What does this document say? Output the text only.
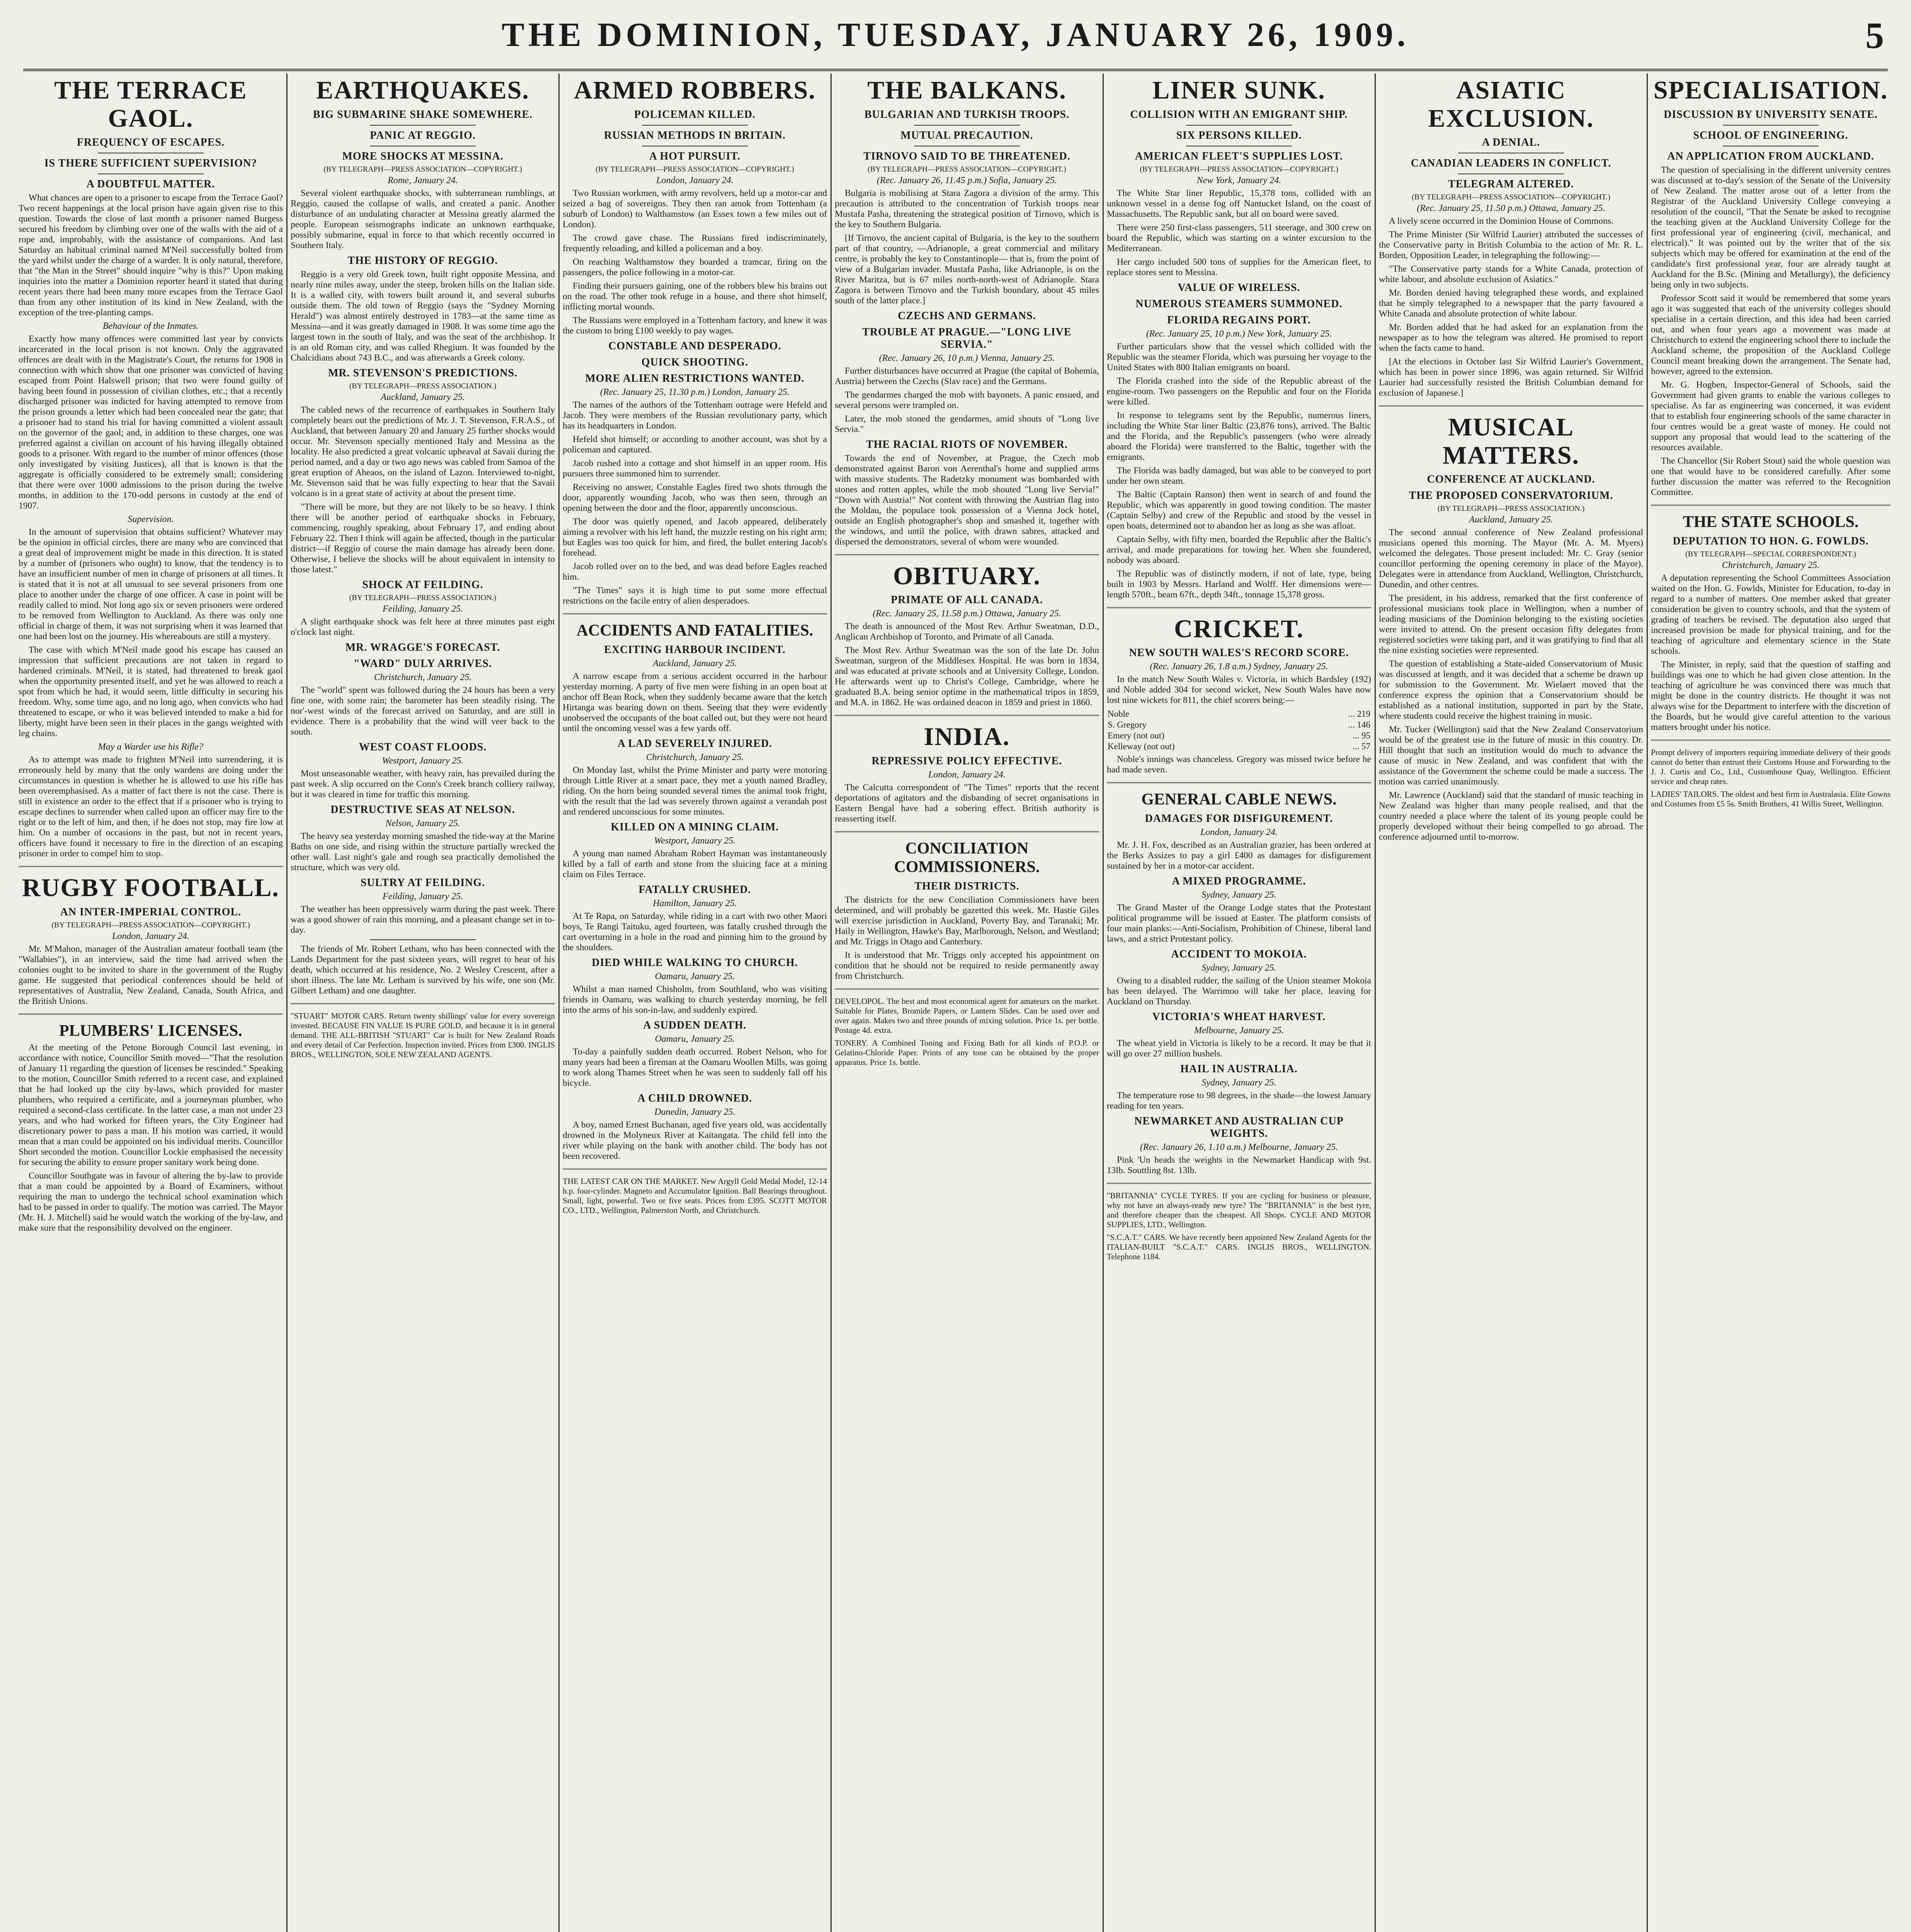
THE DOMINION, TUESDAY, JANUARY 26, 1909.	5
THE TERRACE GAOL.
FREQUENCY OF ESCAPES.
IS THERE SUFFICIENT SUPERVISION?
A DOUBTFUL MATTER.

What chances are open to a prisoner to escape from the Terrace Gaol? Two recent happenings at the local prison have again given rise to this question. Towards the close of last month a prisoner named Burgess secured his freedom by climbing over one of the walls with the aid of a rope and, improbably, with the assistance of companions. And last Saturday an habitual criminal named M'Neil successfully bolted from the yard whilst under the charge of a warder. It is only natural, therefore, that "the Man in the Street" should inquire "why is this?" Upon making inquiries into the matter a Dominion reporter heard it stated that during recent years there had been many more escapes from the Terrace Gaol than from any other institution of its kind in New Zealand, with the exception of the tree-planting camps.

Behaviour of the Inmates.

Exactly how many offences were committed last year by convicts incarcerated in the local prison is not known. Only the aggravated offences are dealt with in the Magistrate's Court, the returns for 1908 in connection with which show that one prisoner was convicted of having escaped from Point Halswell prison; that two were found guilty of having been found in possession of civilian clothes, etc.; that a recently discharged prisoner was indicted for having attempted to remove from the prison grounds a letter which had been concealed near the gate; that a prisoner had to stand his trial for having committed a violent assault on the governor of the gaol; and, in addition to these charges, one was preferred against a civilian on account of his having illegally obtained goods to a prisoner. With regard to the number of minor offences (those only investigated by visiting Justices), all that is known is that the aggregate is officially considered to be extremely small; considering that there were over 1000 admissions to the prison during the twelve months, in addition to the 170-odd persons in custody at the end of 1907.

Supervision.

In the amount of supervision that obtains sufficient? Whatever may be the opinion in official circles, there are many who are convinced that a great deal of improvement might be made in this direction. It is stated by a number of (prisoners who ought) to know, that the tendency is to have an insufficient number of men in charge of prisoners at all times. It is stated that it is not at all unusual to see several prisoners from one place to another under the charge of one officer. A case in point will be readily called to mind. Not long ago six or seven prisoners were ordered to be removed from Wellington to Auckland. As there was only one official in charge of them, it was not surprising when it was learned that one had been lost on the journey. His whereabouts are still a mystery.

The case with which M'Neil made good his escape has caused an impression that sufficient precautions are not taken in regard to hardened criminals. M'Neil, it is stated, had threatened to break gaol when the opportunity presented itself, and yet he was allowed to reach a spot from which he had, it would seem, little difficulty in securing his freedom. Why, some time ago, and no long ago, when convicts who had threatened to escape, or who it was believed intended to make a bid for liberty, might have been seen in their places in the gangs weighted with leg chains.

May a Warder use his Rifle?

As to attempt was made to frighten M'Neil into surrendering, it is erroneously held by many that the only wardens are doing under the circumstances in question is whether he is allowed to use his rifle has been overemphasised. As a matter of fact there is not the case. There is still in existence an order to the effect that if a prisoner who is trying to escape declines to surrender when called upon an officer may fire to the right or to the left of him, and then, if he does not stop, may fire low at him. On a number of occasions in the past, but not in recent years, officers have found it necessary to fire in the direction of an escaping prisoner in order to compel him to stop.

RUGBY FOOTBALL.
AN INTER-IMPERIAL CONTROL.
(BY TELEGRAPH—PRESS ASSOCIATION—COPYRIGHT.)
London, January 24.

Mr. M'Mahon, manager of the Australian amateur football team (the "Wallabies"), in an interview, said the time had arrived when the colonies ought to be invited to share in the government of the Rugby game. He suggested that periodical conferences should be held of representatives of Australia, New Zealand, Canada, South Africa, and the British Unions.

PLUMBERS' LICENSES.

At the meeting of the Petone Borough Council last evening, in accordance with notice, Councillor Smith moved—"That the resolution of January 11 regarding the question of licenses be rescinded." Speaking to the motion, Councillor Smith referred to a recent case, and explained that he had looked up the city by-laws, which provided for master plumbers, who required a certificate, and a journeyman plumber, who required a second-class certificate. In the latter case, a man not under 23 years, and who had worked for fifteen years, the City Engineer had discretionary power to pass a man. If his motion was carried, it would mean that a man could be appointed on his individual merits. Councillor Short seconded the motion. Councillor Lockie emphasised the necessity for securing the ability to ensure proper sanitary work being done.

Councillor Southgate was in favour of altering the by-law to provide that a man could be appointed by a Board of Examiners, without requiring the man to undergo the technical school examination which had to be passed in order to qualify. The motion was carried. The Mayor (Mr. H. J. Mitchell) said he would watch the working of the by-law, and make sure that the responsibility devolved on the engineer.

EARTHQUAKES.
BIG SUBMARINE SHAKE SOMEWHERE.
PANIC AT REGGIO.
MORE SHOCKS AT MESSINA.
(BY TELEGRAPH—PRESS ASSOCIATION—COPYRIGHT.)
Rome, January 24.

Several violent earthquake shocks, with subterranean rumblings, at Reggio, caused the collapse of walls, and created a panic. Another disturbance of an undulating character at Messina greatly alarmed the people. European seismographs indicate an unknown earthquake, possibly submarine, equal in force to that which recently occurred in Southern Italy.

THE HISTORY OF REGGIO.

Reggio is a very old Greek town, built right opposite Messina, and nearly nine miles away, under the steep, broken hills on the Italian side. It is a walled city, with towers built around it, and several suburbs outside them. The old town of Reggio (says the "Sydney Morning Herald") was almost entirely destroyed in 1783—at the same time as Messina—and it was greatly damaged in 1908. It was some time ago the largest town in the south of Italy, and was the seat of the archbishop. It is an old Roman city, and was called Rhegium. It was founded by the Chalcidians about 743 B.C., and was afterwards a Greek colony.

MR. STEVENSON'S PREDICTIONS.
(BY TELEGRAPH—PRESS ASSOCIATION.)
Auckland, January 25.

The cabled news of the recurrence of earthquakes in Southern Italy completely bears out the predictions of Mr. J. T. Stevenson, F.R.A.S., of Auckland, that between January 20 and January 25 further shocks would occur. Mr. Stevenson specially mentioned Italy and Messina as the locality. He also predicted a great volcanic upheaval at Savaii during the period named, and a day or two ago news was cabled from Samoa of the great eruption of Aheaos, on the island of Lazon. Interviewed to-night, Mr. Stevenson said that he was fully expecting to hear that the Savaii volcano is in a great state of activity at about the present time.

"There will be more, but they are not likely to be so heavy. I think there will be another period of earthquake shocks in February, commencing, roughly speaking, about February 17, and ending about February 22. Then I think will again be affected, though in the particular district—if Reggio of course the main damage has already been done. Otherwise, I believe the shocks will be about equivalent in intensity to those latest."

SHOCK AT FEILDING.
(BY TELEGRAPH—PRESS ASSOCIATION.)
Feilding, January 25.

A slight earthquake shock was felt here at three minutes past eight o'clock last night.

MR. WRAGGE'S FORECAST.
"WARD" DULY ARRIVES.
Christchurch, January 25.

The "world" spent was followed during the 24 hours has been a very fine one, with some rain; the barometer has been steadily rising. The nor'-west winds of the forecast arrived on Saturday, and are still in evidence. There is a probability that the wind will veer back to the south.

WEST COAST FLOODS.
Westport, January 25.

Most unseasonable weather, with heavy rain, has prevailed during the past week. A slip occurred on the Conn's Creek branch colliery railway, but it was cleared in time for traffic this morning.

DESTRUCTIVE SEAS AT NELSON.
Nelson, January 25.

The heavy sea yesterday morning smashed the tide-way at the Marine Baths on one side, and rising within the structure partially wrecked the other wall. Last night's gale and rough sea practically demolished the structure, which was very old.

SULTRY AT FEILDING.
Feilding, January 25.

The weather has been oppressively warm during the past week. There was a good shower of rain this morning, and a pleasant change set in to-day.

The friends of Mr. Robert Letham, who has been connected with the Lands Department for the past sixteen years, will regret to hear of his death, which occurred at his residence, No. 2 Wesley Crescent, after a short illness. The late Mr. Letham is survived by his wife, one son (Mr. Gilbert Letham) and one daughter.

"STUART" MOTOR CARS. Return twenty shillings' value for every sovereign invested. BECAUSE FIN VALUE IS PURE GOLD, and because it is in general demand. THE ALL-BRITISH "STUART" Car is built for New Zealand Roads and every detail of Car Perfection. Inspection invited. Prices from £300. INGLIS BROS., WELLINGTON, SOLE NEW ZEALAND AGENTS.

ARMED ROBBERS.
POLICEMAN KILLED.
RUSSIAN METHODS IN BRITAIN.
A HOT PURSUIT.
(BY TELEGRAPH—PRESS ASSOCIATION—COPYRIGHT.)
London, January 24.

Two Russian workmen, with army revolvers, held up a motor-car and seized a bag of sovereigns. They then ran amok from Tottenham (a suburb of London) to Walthamstow (an Essex town a few miles out of London).

The crowd gave chase. The Russians fired indiscriminately, frequently reloading, and killed a policeman and a boy.

On reaching Walthamstow they boarded a tramcar, firing on the passengers, the police following in a motor-car.

Finding their pursuers gaining, one of the robbers blew his brains out on the road. The other took refuge in a house, and there shot himself, inflicting mortal wounds.

The Russians were employed in a Tottenham factory, and knew it was the custom to bring £100 weekly to pay wages.

CONSTABLE AND DESPERADO.
QUICK SHOOTING.
MORE ALIEN RESTRICTIONS WANTED.
(Rec. January 25, 11.30 p.m.) London, January 25.

The names of the authors of the Tottenham outrage were Hefeld and Jacob. They were members of the Russian revolutionary party, which has its headquarters in London.

Hefeld shot himself; or according to another account, was shot by a policeman and captured.

Jacob rushed into a cottage and shot himself in an upper room. His pursuers three summoned him to surrender.

Receiving no answer, Constable Eagles fired two shots through the door, apparently wounding Jacob, who was then seen, through an opening between the door and the floor, apparently unconscious.

The door was quietly opened, and Jacob appeared, deliberately aiming a revolver with his left hand, the muzzle resting on his right arm; but Eagles was too quick for him, and fired, the bullet entering Jacob's forehead.

Jacob rolled over on to the bed, and was dead before Eagles reached him.

"The Times" says it is high time to put some more effectual restrictions on the facile entry of alien desperadoes.

ACCIDENTS AND FATALITIES.
EXCITING HARBOUR INCIDENT.
Auckland, January 25.

A narrow escape from a serious accident occurred in the harbour yesterday morning. A party of five men were fishing in an open boat at anchor off Bean Rock, when they suddenly became aware that the ketch Hirtanga was bearing down on them. Seeing that they were evidently unobserved the occupants of the boat called out, but they were not heard until the oncoming vessel was a few yards off.

A LAD SEVERELY INJURED.
Christchurch, January 25.

On Monday last, whilst the Prime Minister and party were motoring through Little River at a smart pace, they met a youth named Bradley, riding. On the horn being sounded several times the animal took fright, with the result that the lad was severely thrown against a verandah post and rendered unconscious for some minutes.

KILLED ON A MINING CLAIM.
Westport, January 25.

A young man named Abraham Robert Hayman was instantaneously killed by a fall of earth and stone from the sluicing face at a mining claim on Files Terrace.

FATALLY CRUSHED.
Hamilton, January 25.

At Te Rapa, on Saturday, while riding in a cart with two other Maori boys, Te Rangi Taituku, aged fourteen, was fatally crushed through the cart overturning in a hole in the road and pinning him to the ground by the shoulders.

DIED WHILE WALKING TO CHURCH.
Oamaru, January 25.

Whilst a man named Chisholm, from Southland, who was visiting friends in Oamaru, was walking to church yesterday morning, he fell into the arms of his son-in-law, and suddenly expired.

A SUDDEN DEATH.
Oamaru, January 25.

To-day a painfully sudden death occurred. Robert Nelson, who for many years had been a fireman at the Oamaru Woollen Mills, was going to work along Thames Street when he was seen to suddenly fall off his bicycle.

A CHILD DROWNED.
Dunedin, January 25.

A boy, named Ernest Buchanan, aged five years old, was accidentally drowned in the Molyneux River at Kaitangata. The child fell into the river while playing on the bank with another child. The body has not been recovered.

THE LATEST CAR ON THE MARKET. New Argyll Gold Medal Model, 12-14 h.p. four-cylinder. Magneto and Accumulator Ignition. Ball Bearings throughout. Small, light, powerful. Two or five seats. Prices from £395. SCOTT MOTOR CO., LTD., Wellington, Palmerston North, and Christchurch.

THE BALKANS.
BULGARIAN AND TURKISH TROOPS.
MUTUAL PRECAUTION.
TIRNOVO SAID TO BE THREATENED.
(BY TELEGRAPH—PRESS ASSOCIATION—COPYRIGHT.)
(Rec. January 26, 11.45 p.m.) Sofia, January 25.

Bulgaria is mobilising at Stara Zagora a division of the army. This precaution is attributed to the concentration of Turkish troops near Mustafa Pasha, threatening the strategical position of Tirnovo, which is the key to Southern Bulgaria.

[If Tirnovo, the ancient capital of Bulgaria, is the key to the southern part of that country, —Adrianople, a great commercial and military centre, is probably the key to Constantinople— that is, from the point of view of a Bulgarian invader. Mustafa Pasha, like Adrianople, is on the River Maritza, but is 67 miles north-north-west of Adrianople. Stara Zagora is between Tirnovo and the Turkish boundary, about 45 miles south of the latter place.]

CZECHS AND GERMANS.
TROUBLE AT PRAGUE.—"LONG LIVE SERVIA."
(Rec. January 26, 10 p.m.) Vienna, January 25.

Further disturbances have occurred at Prague (the capital of Bohemia, Austria) between the Czechs (Slav race) and the Germans.

The gendarmes charged the mob with bayonets. A panic ensued, and several persons were trampled on.

Later, the mob stoned the gendarmes, amid shouts of "Long live Servia."

THE RACIAL RIOTS OF NOVEMBER.

Towards the end of November, at Prague, the Czech mob demonstrated against Baron von Aerenthal's home and supplied arms with massive students. The Radetzky monument was bombarded with stones and rotten apples, while the mob shouted "Long live Servia!" "Down with Austria!" Not content with throwing the Austrian flag into the Moldau, the populace took possession of a Vienna Jock hotel, outside an English photographer's shop and smashed it, together with the windows, and until the police, with drawn sabres, attacked and dispersed the demonstrators, several of whom were wounded.

OBITUARY.
PRIMATE OF ALL CANADA.
(Rec. January 25, 11.58 p.m.) Ottawa, January 25.

The death is announced of the Most Rev. Arthur Sweatman, D.D., Anglican Archbishop of Toronto, and Primate of all Canada.

The Most Rev. Arthur Sweatman was the son of the late Dr. John Sweatman, surgeon of the Middlesex Hospital. He was born in 1834, and was educated at private schools and at University College, London. He afterwards went up to Christ's College, Cambridge, where he graduated B.A. being senior optime in the mathematical tripos in 1859, and M.A. in 1862. He was ordained deacon in 1859 and priest in 1860.

INDIA.
REPRESSIVE POLICY EFFECTIVE.
London, January 24.

The Calcutta correspondent of "The Times" reports that the recent deportations of agitators and the disbanding of secret organisations in Eastern Bengal have had a sobering effect. British authority is reasserting itself.

CONCILIATION COMMISSIONERS.
THEIR DISTRICTS.

The districts for the new Conciliation Commissioners have been determined, and will probably be gazetted this week. Mr. Hastie Giles will exercise jurisdiction in Auckland, Poverty Bay, and Taranaki; Mr. Haily in Wellington, Hawke's Bay, Marlborough, Nelson, and Westland; and Mr. Triggs in Otago and Canterbury.

It is understood that Mr. Triggs only accepted his appointment on condition that he should not be required to reside permanently away from Christchurch.

DEVELOPOL. The best and most economical agent for amateurs on the market. Suitable for Plates, Bromide Papers, or Lantern Slides. Can be used over and over again. Makes two and three pounds of mixing solution. Price 1s. per bottle. Postage 4d. extra.

TONERY. A Combined Toning and Fixing Bath for all kinds of P.O.P. or Gelatino-Chloride Paper. Prints of any tone can be obtained by the proper apparatus. Price 1s. bottle.

LINER SUNK.
COLLISION WITH AN EMIGRANT SHIP.
SIX PERSONS KILLED.
AMERICAN FLEET'S SUPPLIES LOST.
(BY TELEGRAPH—PRESS ASSOCIATION—COPYRIGHT.)
New York, January 24.

The White Star liner Republic, 15,378 tons, collided with an unknown vessel in a dense fog off Nantucket Island, on the coast of Massachusetts. The Republic sank, but all on board were saved.

There were 250 first-class passengers, 511 steerage, and 300 crew on board the Republic, which was starting on a winter excursion to the Mediterranean.

Her cargo included 500 tons of supplies for the American fleet, to replace stores sent to Messina.

VALUE OF WIRELESS.
NUMEROUS STEAMERS SUMMONED.
FLORIDA REGAINS PORT.
(Rec. January 25, 10 p.m.) New York, January 25.

Further particulars show that the vessel which collided with the Republic was the steamer Florida, which was pursuing her voyage to the United States with 800 Italian emigrants on board.

The Florida crashed into the side of the Republic abreast of the engine-room. Two passengers on the Republic and four on the Florida were killed.

In response to telegrams sent by the Republic, numerous liners, including the White Star liner Baltic (23,876 tons), arrived. The Baltic and the Florida, and the Republic's passengers (who were already aboard the Florida) were transferred to the Baltic, together with the emigrants.

The Florida was badly damaged, but was able to be conveyed to port under her own steam.

The Baltic (Captain Ranson) then went in search of and found the Republic, which was apparently in good towing condition. The master (Captain Selby) and crew of the Republic and stood by the vessel in open boats, determined not to abandon her as long as she was afloat.

Captain Selby, with fifty men, boarded the Republic after the Baltic's arrival, and made preparations for towing her. When she foundered, nobody was aboard.

The Republic was of distinctly modern, if not of late, type, being built in 1903 by Messrs. Harland and Wolff. Her dimensions were—length 570ft., beam 67ft., depth 34ft., tonnage 15,378 gross.

CRICKET.
NEW SOUTH WALES'S RECORD SCORE.
(Rec. January 26, 1.8 a.m.) Sydney, January 25.

In the match New South Wales v. Victoria, in which Bardsley (192) and Noble added 304 for second wicket, New South Wales have now lost nine wickets for 811, the chief scorers being:—

Noble	... 219
S. Gregory	... 146
Emery (not out)	... 95
Kelleway (not out)	... 57

Noble's innings was chanceless. Gregory was missed twice before he had made seven.

GENERAL CABLE NEWS.
DAMAGES FOR DISFIGUREMENT.
London, January 24.

Mr. J. H. Fox, described as an Australian grazier, has been ordered at the Berks Assizes to pay a girl £400 as damages for disfigurement sustained by her in a motor-car accident.

A MIXED PROGRAMME.
Sydney, January 25.

The Grand Master of the Orange Lodge states that the Protestant political programme will be issued at Easter. The platform consists of four main planks:—Anti-Socialism, Prohibition of Chinese, liberal land laws, and a strict Protestant policy.

ACCIDENT TO MOKOIA.
Sydney, January 25.

Owing to a disabled rudder, the sailing of the Union steamer Mokoia has been delayed. The Warrimoo will take her place, leaving for Auckland on Thursday.

VICTORIA'S WHEAT HARVEST.
Melbourne, January 25.

The wheat yield in Victoria is likely to be a record. It may be that it will go over 27 million bushels.

HAIL IN AUSTRALIA.
Sydney, January 25.

The temperature rose to 98 degrees, in the shade—the lowest January reading for ten years.

NEWMARKET AND AUSTRALIAN CUP WEIGHTS.
(Rec. January 26, 1.10 a.m.) Melbourne, January 25.

Pink 'Un heads the weights in the Newmarket Handicap with 9st. 13lb. Souttling 8st. 13lb.

"BRITANNIA" CYCLE TYRES. If you are cycling for business or pleasure, why not have an always-ready new tyre? The "BRITANNIA" is the best tyre, and therefore cheaper than the cheapest. All Shops. CYCLE AND MOTOR SUPPLIES, LTD., Wellington.

"S.C.A.T." CARS. We have recently been appointed New Zealand Agents for the ITALIAN-BUILT "S.C.A.T." CARS. INGLIS BROS., WELLINGTON. Telephone 1184.

ASIATIC EXCLUSION.
A DENIAL.
CANADIAN LEADERS IN CONFLICT.
TELEGRAM ALTERED.
(BY TELEGRAPH—PRESS ASSOCIATION—COPYRIGHT.)
(Rec. January 25, 11.50 p.m.) Ottawa, January 25.

A lively scene occurred in the Dominion House of Commons.

The Prime Minister (Sir Wilfrid Laurier) attributed the successes of the Conservative party in British Columbia to the action of Mr. R. L. Borden, Opposition Leader, in telegraphing the following:—

"The Conservative party stands for a White Canada, protection of white labour, and absolute exclusion of Asiatics."

Mr. Borden denied having telegraphed these words, and explained that he simply telegraphed to a newspaper that the party favoured a White Canada and absolute protection of white labour.

Mr. Borden added that he had asked for an explanation from the newspaper as to how the telegram was altered. He promised to report when the facts came to hand.

[At the elections in October last Sir Wilfrid Laurier's Government, which has been in power since 1896, was again returned. Sir Wilfrid Laurier had successfully resisted the British Columbian demand for exclusion of Japanese.]

MUSICAL MATTERS.
CONFERENCE AT AUCKLAND.
THE PROPOSED CONSERVATORIUM.
(BY TELEGRAPH—PRESS ASSOCIATION.)
Auckland, January 25.

The second annual conference of New Zealand professional musicians opened this morning. The Mayor (Mr. A. M. Myers) welcomed the delegates. Those present included: Mr. C. Gray (senior councillor performing the opening ceremony in place of the Mayor). Delegates were in attendance from Auckland, Wellington, Christchurch, Dunedin, and other centres.

The president, in his address, remarked that the first conference of professional musicians took place in Wellington, when a number of leading musicians of the Dominion belonging to the existing societies were invited to attend. On the present occasion fifty delegates from registered societies were taking part, and it was gratifying to find that all the nine existing societies were represented.

The question of establishing a State-aided Conservatorium of Music was discussed at length, and it was decided that a scheme be drawn up for submission to the Government. Mr. Wielaert moved that the conference express the opinion that a Conservatorium should be established as a national institution, supported in part by the State, where students could receive the highest training in music.

Mr. Tucker (Wellington) said that the New Zealand Conservatorium would be of the greatest use in the future of music in this country. Dr. Hill thought that such an institution would do much to advance the cause of music in New Zealand, and was confident that with the assistance of the Government the scheme could be made a success. The motion was carried unanimously.

Mr. Lawrence (Auckland) said that the standard of music teaching in New Zealand was higher than many people realised, and that the country needed a place where the talent of its young people could be properly developed without their being compelled to go abroad. The conference adjourned until to-morrow.

SPECIALISATION.
DISCUSSION BY UNIVERSITY SENATE.
SCHOOL OF ENGINEERING.
AN APPLICATION FROM AUCKLAND.

The question of specialising in the different university centres was discussed at to-day's session of the Senate of the University of New Zealand. The matter arose out of a letter from the Registrar of the Auckland University College conveying a resolution of the council, "That the Senate be asked to recognise the teaching given at the Auckland University College for the first professional year of engineering (civil, mechanical, and electrical)." It was pointed out by the writer that of the six subjects which may be offered for examination at the end of the candidate's first professional year, four are already taught at Auckland for the B.Sc. (Mining and Metallurgy), the deficiency being only in two subjects.

Professor Scott said it would be remembered that some years ago it was suggested that each of the university colleges should specialise in a certain direction, and this idea had been carried out, and when four years ago a movement was made at Christchurch to extend the engineering school there to include the Auckland scheme, the proposition of the Auckland College Council meant breaking down the arrangement. The Senate had, however, agreed to the extension.

Mr. G. Hogben, Inspector-General of Schools, said the Government had given grants to enable the various colleges to specialise. As far as engineering was concerned, it was evident that to establish four engineering schools of the same character in four centres would be a great waste of money. He could not support any proposal that would lead to the scattering of the resources available.

The Chancellor (Sir Robert Stout) said the whole question was one that would have to be considered carefully. After some further discussion the matter was referred to the Recognition Committee.

THE STATE SCHOOLS.
DEPUTATION TO HON. G. FOWLDS.
(BY TELEGRAPH—SPECIAL CORRESPONDENT.)
Christchurch, January 25.

A deputation representing the School Committees Association waited on the Hon. G. Fowlds, Minister for Education, to-day in regard to a number of matters. One member asked that greater consideration be given to country schools, and that the system of grading of teachers be revised. The deputation also urged that increased provision be made for physical training, and for the teaching of agriculture and elementary science in the State schools.

The Minister, in reply, said that the question of staffing and buildings was one to which he had given close attention. In the teaching of agriculture he was convinced there was much that might be done in the country districts. He thought it was not always wise for the Department to interfere with the discretion of the Boards, but he would give careful attention to the various matters brought under his notice.

Prompt delivery of importers requiring immediate delivery of their goods cannot do better than entrust their Customs House and Forwarding to the J. J. Curtis and Co., Ltd., Customhouse Quay, Wellington. Efficient service and cheap rates.

LADIES' TAILORS. The oldest and best firm in Australasia. Elite Gowns and Costumes from £5 5s. Smith Brothers, 41 Willis Street, Wellington.
